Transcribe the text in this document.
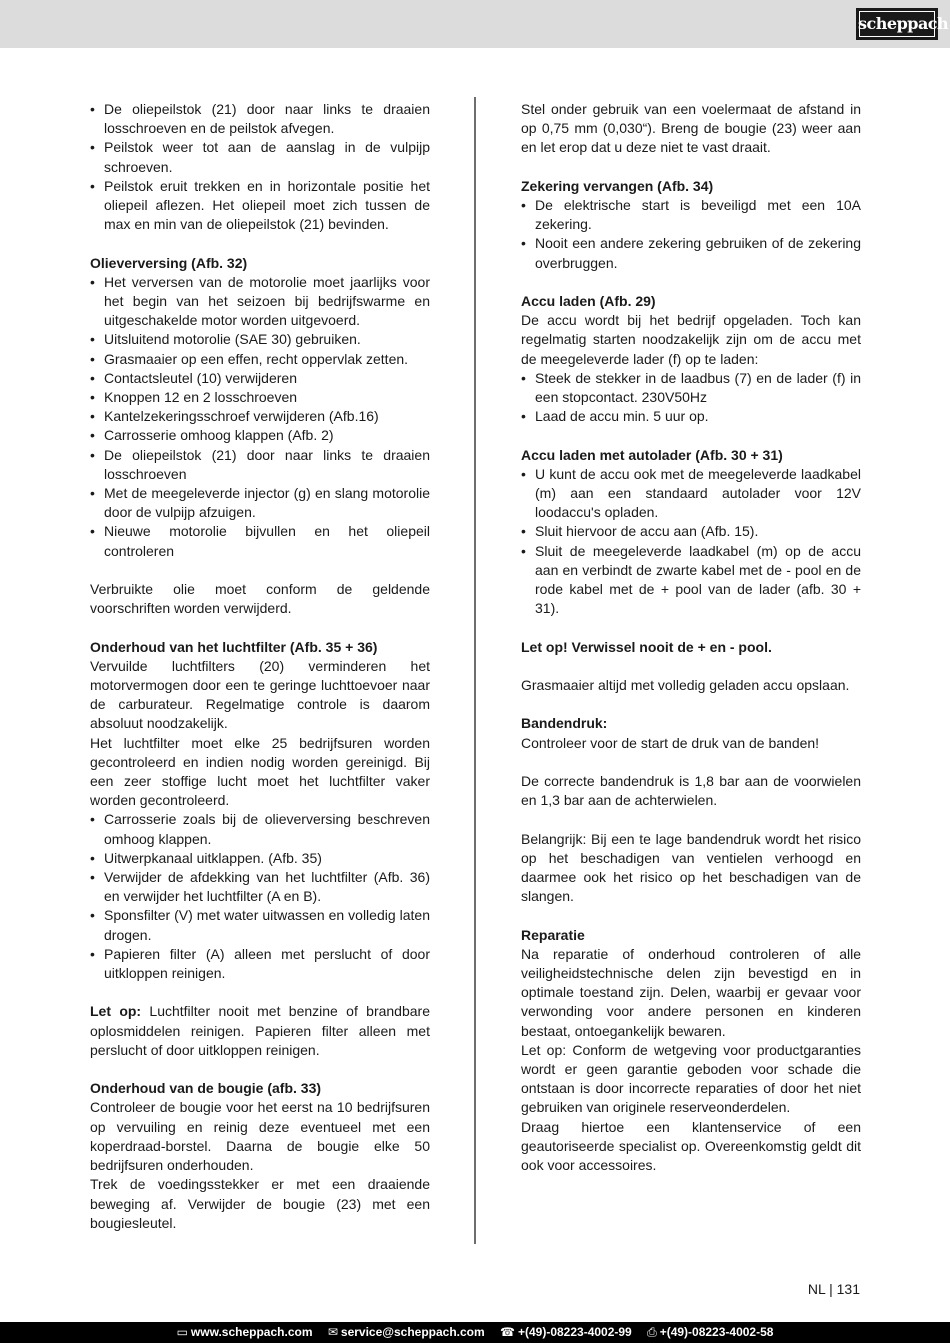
scheppach
• De oliepeilstok (21) door naar links te draaien losschroeven en de peilstok afvegen.
• Peilstok weer tot aan de aanslag in de vulpijp schroeven.
• Peilstok eruit trekken en in horizontale positie het oliepeil aflezen. Het oliepeil moet zich tussen de max en min van de oliepeilstok (21) bevinden.

Olieverversing (Afb. 32)

• Het verversen van de motorolie moet jaarlijks voor het begin van het seizoen bij bedrijfswarme en uitgeschakelde motor worden uitgevoerd.
• Uitsluitend motorolie (SAE 30) gebruiken.
• Grasmaaier op een effen, recht oppervlak zetten.
• Contactsleutel (10) verwijderen
• Knoppen 12 en 2 losschroeven
• Kantelzekeringsschroef verwijderen (Afb.16)
• Carrosserie omhoog klappen (Afb. 2)
• De oliepeilstok (21) door naar links te draaien losschroeven
• Met de meegeleverde injector (g) en slang motorolie door de vulpijp afzuigen.
• Nieuwe motorolie bijvullen en het oliepeil controleren

Verbruikte olie moet conform de geldende voorschriften worden verwijderd.

Onderhoud van het luchtfilter (Afb. 35 + 36)

Vervuilde luchtfilters (20) verminderen het motorvermogen door een te geringe luchttoevoer naar de carburateur. Regelmatige controle is daarom absoluut noodzakelijk.

Het luchtfilter moet elke 25 bedrijfsuren worden gecontroleerd en indien nodig worden gereinigd. Bij een zeer stoffige lucht moet het luchtfilter vaker worden gecontroleerd.

• Carrosserie zoals bij de olieverversing beschreven omhoog klappen.
• Uitwerpkanaal uitklappen. (Afb. 35)
• Verwijder de afdekking van het luchtfilter (Afb. 36) en verwijder het luchtfilter (A en B).
• Sponsfilter (V) met water uitwassen en volledig laten drogen.
• Papieren filter (A) alleen met perslucht of door uitkloppen reinigen.

Let op: Luchtfilter nooit met benzine of brandbare oplosmiddelen reinigen. Papieren filter alleen met perslucht of door uitkloppen reinigen.

Onderhoud van de bougie (afb. 33)

Controleer de bougie voor het eerst na 10 bedrijfsuren op vervuiling en reinig deze eventueel met een koperdraad-borstel. Daarna de bougie elke 50 bedrijfsuren onderhouden.

Trek de voedingsstekker er met een draaiende beweging af. Verwijder de bougie (23) met een bougiesleutel.

Stel onder gebruik van een voelermaat de afstand in op 0,75 mm (0,030“). Breng de bougie (23) weer aan en let erop dat u deze niet te vast draait.

Zekering vervangen (Afb. 34)

• De elektrische start is beveiligd met een 10A zekering.
• Nooit een andere zekering gebruiken of de zekering overbruggen.

Accu laden (Afb. 29)

De accu wordt bij het bedrijf opgeladen. Toch kan regelmatig starten noodzakelijk zijn om de accu met de meegeleverde lader (f) op te laden:

• Steek de stekker in de laadbus (7) en de lader (f) in een stopcontact. 230V50Hz
• Laad de accu min. 5 uur op.

Accu laden met autolader (Afb. 30 + 31)

• U kunt de accu ook met de meegeleverde laadkabel (m) aan een standaard autolader voor 12V loodaccu's opladen.
• Sluit hiervoor de accu aan (Afb. 15).
• Sluit de meegeleverde laadkabel (m) op de accu aan en verbindt de zwarte kabel met de - pool en de rode kabel met de + pool van de lader (afb. 30 + 31).

Let op! Verwissel nooit de + en - pool.

Grasmaaier altijd met volledig geladen accu opslaan.

Bandendruk:

Controleer voor de start de druk van de banden!

De correcte bandendruk is 1,8 bar aan de voorwielen en 1,3 bar aan de achterwielen.

Belangrijk: Bij een te lage bandendruk wordt het risico op het beschadigen van ventielen verhoogd en daarmee ook het risico op het beschadigen van de slangen.

Reparatie

Na reparatie of onderhoud controleren of alle veiligheidstechnische delen zijn bevestigd en in optimale toestand zijn. Delen, waarbij er gevaar voor verwonding voor andere personen en kinderen bestaat, ontoegankelijk bewaren.

Let op: Conform de wetgeving voor productgaranties wordt er geen garantie geboden voor schade die ontstaan is door incorrecte reparaties of door het niet gebruiken van originele reserveonderdelen.

Draag hiertoe een klantenservice of een geautoriseerde specialist op. Overeenkomstig geldt dit ook voor accessoires.

NL | 131
▭ www.scheppach.com ✉ service@scheppach.com ☎ +(49)-08223-4002-99 ⎙ +(49)-08223-4002-58
